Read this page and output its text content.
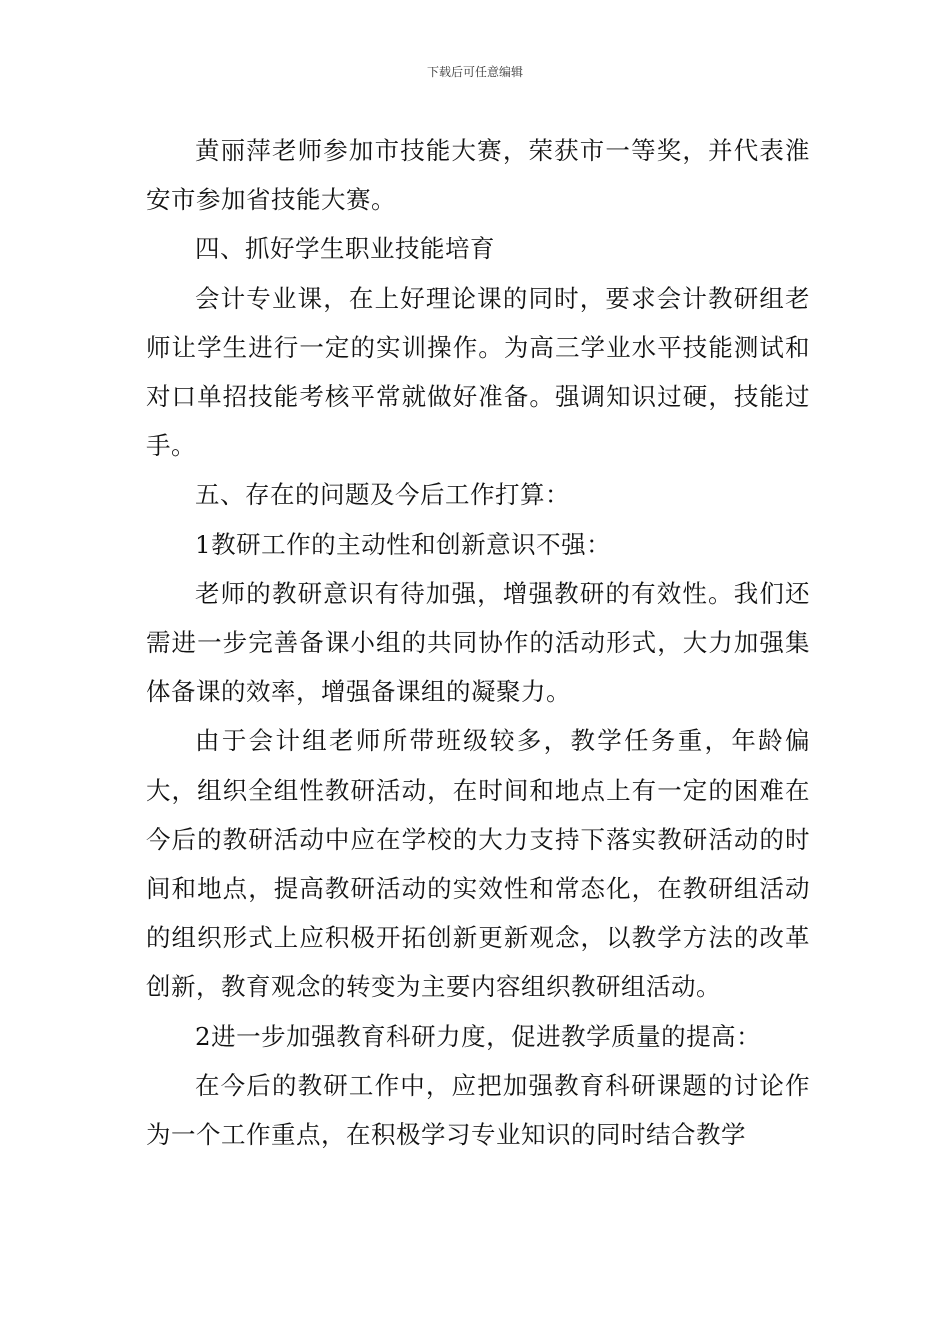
下载后可任意编辑

黄丽萍老师参加市技能大赛，荣获市一等奖，并代表淮安市参加省技能大赛。

四、抓好学生职业技能培育

会计专业课，在上好理论课的同时，要求会计教研组老师让学生进行一定的实训操作。为高三学业水平技能测试和对口单招技能考核平常就做好准备。强调知识过硬，技能过手。

五、存在的问题及今后工作打算：

1教研工作的主动性和创新意识不强：

老师的教研意识有待加强，增强教研的有效性。我们还需进一步完善备课小组的共同协作的活动形式，大力加强集体备课的效率，增强备课组的凝聚力。

由于会计组老师所带班级较多，教学任务重，年龄偏大，组织全组性教研活动，在时间和地点上有一定的困难在今后的教研活动中应在学校的大力支持下落实教研活动的时间和地点，提高教研活动的实效性和常态化，在教研组活动的组织形式上应积极开拓创新更新观念，以教学方法的改革创新，教育观念的转变为主要内容组织教研组活动。

2进一步加强教育科研力度，促进教学质量的提高：

在今后的教研工作中，应把加强教育科研课题的讨论作为一个工作重点，在积极学习专业知识的同时结合教学
